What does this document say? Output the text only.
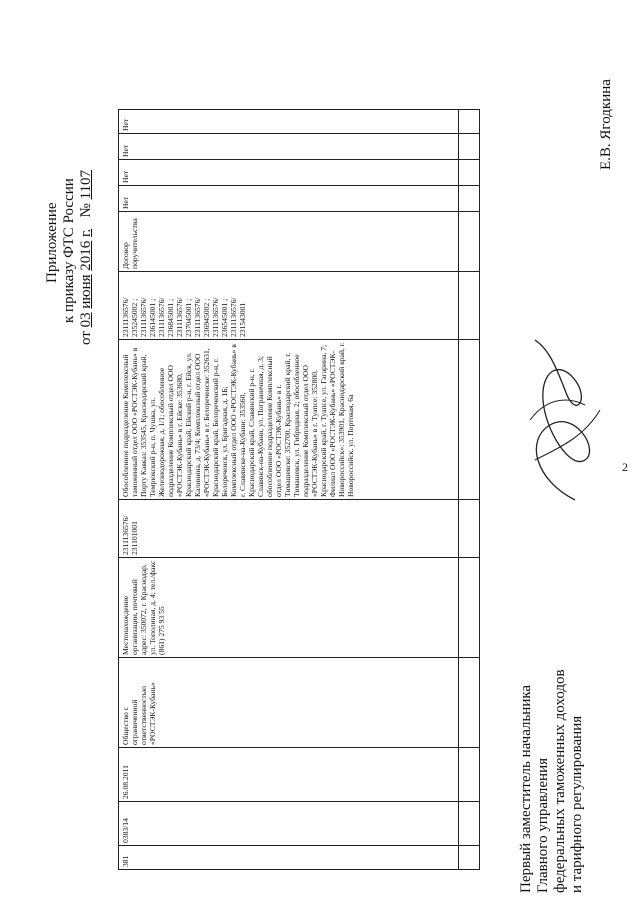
2
Приложение к приказу ФТС России
от 03 июня 2016 г.   № 1107
381	0383/14	26.08.2011	Общество с ограниченной ответственностью «РОСТЭК-Кубань»	Местонахождение организации, почтовый адрес: 350072, г. Краснодар, ул. Тополиная, д. 4; тел./факс (861) 275 93 55	2311136576/ 231101001	Обособленное подразделение Комплексный таможенный отдел ООО «РОСТЭК-Кубань» в Порту Кавказ: 353545, Краснодарский край, Темрюкский р-н, п. Чушка, ул. Железнодорожная, д. 1/1; обособленное подразделение Комплексный отдел ООО «РОСТЭК-Кубань» в г. Ейске: 353680, Краснодарский край, Ейский р-н, г. Ейск, ул. Калинина, д. 73/4; Комплексный отдел ООО «РОСТЭК-Кубань» в г. Белореченске: 352631, Краснодарский край, Белореченский р-н, г. Белореченск, ул. Бригадная, д. 1Б; Комплексный отдел ООО «РОСТЭК-Кубань» в г. Славянске-на-Кубани: 353560, Краснодарский край, Славянский р-н, г. Славянск-на-Кубани, ул. Пограничная, д. 3; обособленное подразделение Комплексный отдел ООО «РОСТЭК-Кубань» в г. Тимашевске: 352700, Краснодарский край, г. Тимашевск, ул. Гибридная, 2; обособленное подразделение Комплексный отдел ООО «РОСТЭК-Кубань» в г. Туапсе: 352800, Краснодарский край, г. Туапсе, ул. Гагарина, 7; Филиал ООО «РОСТЭК-Кубань» «РОСТЭК-Новороссийск»: 353901, Краснодарский край, г. Новороссийск, ул. Портовая, 6а	2311136576/ 235245002 ; 2311136576/ 236145001 ; 2311136576/ 236845001 ; 2311136576/ 237045001 ; 2311136576/ 236945002 ; 2311136576/ 236545001 ; 2311136576/ 231543001	Договор поручительства	Нет	Нет	Нет	Нет

Первый заместитель начальника Главного управления федеральных таможенных доходов и тарифного регулирования
Е.В. Ягодкина
